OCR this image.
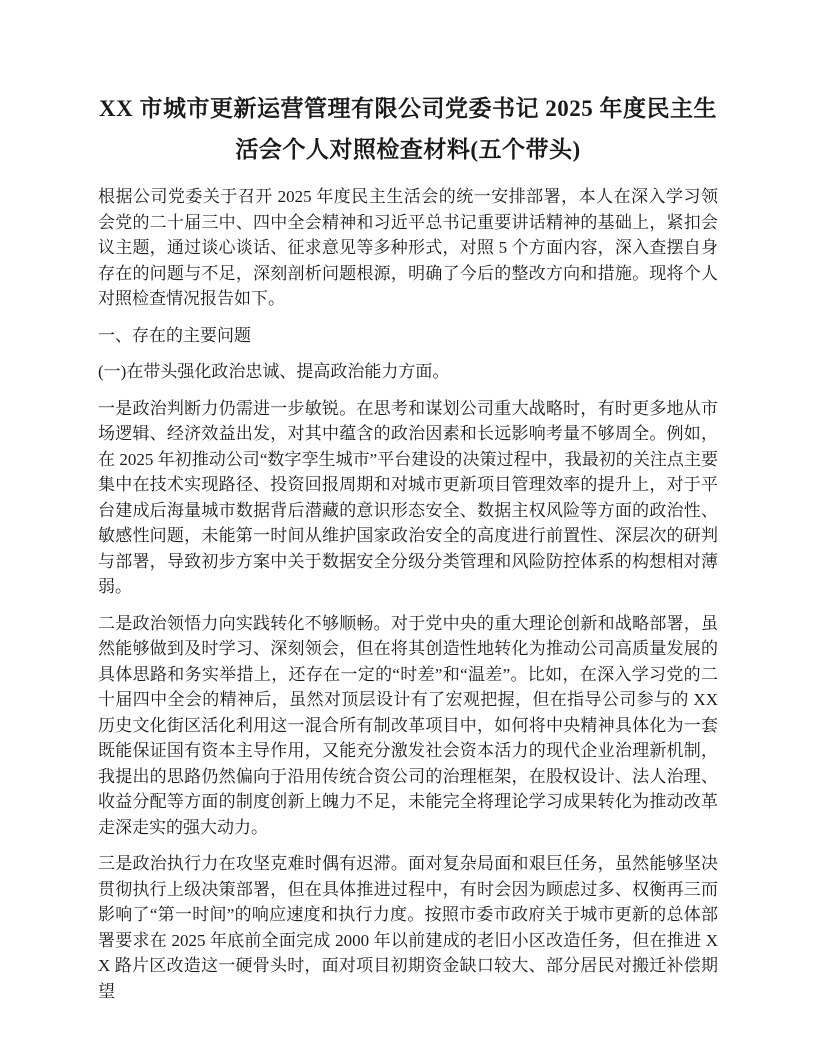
XX 市城市更新运营管理有限公司党委书记 2025 年度民主生活会个人对照检查材料(五个带头)

根据公司党委关于召开 2025 年度民主生活会的统一安排部署，本人在深入学习领会党的二十届三中、四中全会精神和习近平总书记重要讲话精神的基础上，紧扣会议主题，通过谈心谈话、征求意见等多种形式，对照 5 个方面内容，深入查摆自身存在的问题与不足，深刻剖析问题根源，明确了今后的整改方向和措施。现将个人对照检查情况报告如下。

一、存在的主要问题

(一)在带头强化政治忠诚、提高政治能力方面。

一是政治判断力仍需进一步敏锐。在思考和谋划公司重大战略时，有时更多地从市场逻辑、经济效益出发，对其中蕴含的政治因素和长远影响考量不够周全。例如，在 2025 年初推动公司“数字孪生城市”平台建设的决策过程中，我最初的关注点主要集中在技术实现路径、投资回报周期和对城市更新项目管理效率的提升上，对于平台建成后海量城市数据背后潜藏的意识形态安全、数据主权风险等方面的政治性、敏感性问题，未能第一时间从维护国家政治安全的高度进行前置性、深层次的研判与部署，导致初步方案中关于数据安全分级分类管理和风险防控体系的构想相对薄弱。

二是政治领悟力向实践转化不够顺畅。对于党中央的重大理论创新和战略部署，虽然能够做到及时学习、深刻领会，但在将其创造性地转化为推动公司高质量发展的具体思路和务实举措上，还存在一定的“时差”和“温差”。比如，在深入学习党的二十届四中全会的精神后，虽然对顶层设计有了宏观把握，但在指导公司参与的 XX 历史文化街区活化利用这一混合所有制改革项目中，如何将中央精神具体化为一套既能保证国有资本主导作用，又能充分激发社会资本活力的现代企业治理新机制，我提出的思路仍然偏向于沿用传统合资公司的治理框架，在股权设计、法人治理、收益分配等方面的制度创新上魄力不足，未能完全将理论学习成果转化为推动改革走深走实的强大动力。

三是政治执行力在攻坚克难时偶有迟滞。面对复杂局面和艰巨任务，虽然能够坚决贯彻执行上级决策部署，但在具体推进过程中，有时会因为顾虑过多、权衡再三而影响了“第一时间”的响应速度和执行力度。按照市委市政府关于城市更新的总体部署要求在 2025 年底前全面完成 2000 年以前建成的老旧小区改造任务，但在推进 XX 路片区改造这一硬骨头时，面对项目初期资金缺口较大、部分居民对搬迁补偿期望
